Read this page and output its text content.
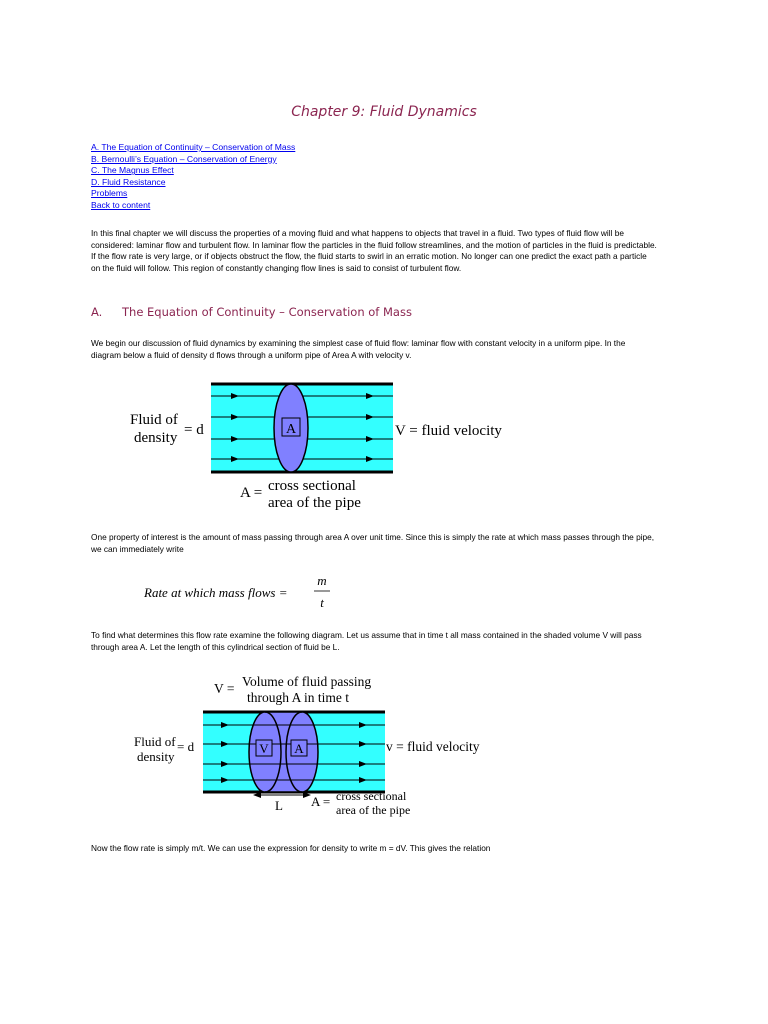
Chapter 9: Fluid Dynamics
A. The Equation of Continuity – Conservation of Mass
B. Bernoulli’s Equation – Conservation of Energy
C. The Magnus Effect
D. Fluid Resistance
Problems
Back to content

In this final chapter we will discuss the properties of a moving fluid and what happens to objects that travel in a fluid. Two types of fluid flow will be considered: laminar flow and turbulent flow. In laminar flow the particles in the fluid follow streamlines, and the motion of particles in the fluid is predictable. If the flow rate is very large, or if objects obstruct the flow, the fluid starts to swirl in an erratic motion. No longer can one predict the exact path a particle on the fluid will follow. This region of constantly changing flow lines is said to consist of turbulent flow.

A. The Equation of Continuity – Conservation of Mass

We begin our discussion of fluid dynamics by examining the simplest case of fluid flow: laminar flow with constant velocity in a uniform pipe. In the diagram below a fluid of density d flows through a uniform pipe of Area A with velocity v.

A
Fluid of
density = d	V = fluid velocity
A = cross sectional
area of the pipe

One property of interest is the amount of mass passing through area A over unit time. Since this is simply the rate at which mass passes through the pipe, we can immediately write

Rate at which mass flows =
m
t

To find what determines this flow rate examine the following diagram. Let us assume that in time t all mass contained in the shaded volume V will pass through area A. Let the length of this cylindrical section of fluid be L.

V = Volume of fluid passing
through A in time t
V A
Fluid of
density
= d	v = fluid velocity
L A = cross sectional
area of the pipe

Now the flow rate is simply m/t. We can use the expression for density to write m = dV. This gives the relation
